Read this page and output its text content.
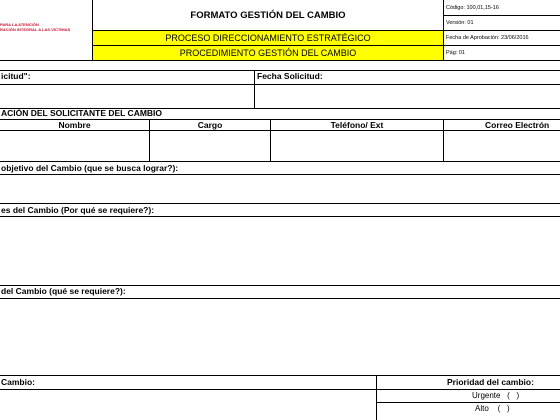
PARA LA ATENCIÓN
RACIÓN INTEGRAL A LAS VÍCTIMAS
FORMATO GESTIÓN DEL CAMBIO
PROCESO DIRECCIONAMIENTO ESTRATÉGICO
PROCEDIMIENTO GESTIÓN DEL CAMBIO
Código: 100,01,15-16
Versión: 01
Fecha de Aprobación: 23/06/2016
Pág: 01
icitud":	Fecha Solicitud:
ACIÓN DEL SOLICITANTE DEL CAMBIO
Nombre	Cargo	Teléfono/ Ext	Correo Electrón
objetivo del Cambio (que se busca lograr?):
es del Cambio (Por qué se requiere?):
del Cambio (qué se requiere?):
Cambio:	Prioridad del cambio:
Urgente   (   )
Alto    (   )
